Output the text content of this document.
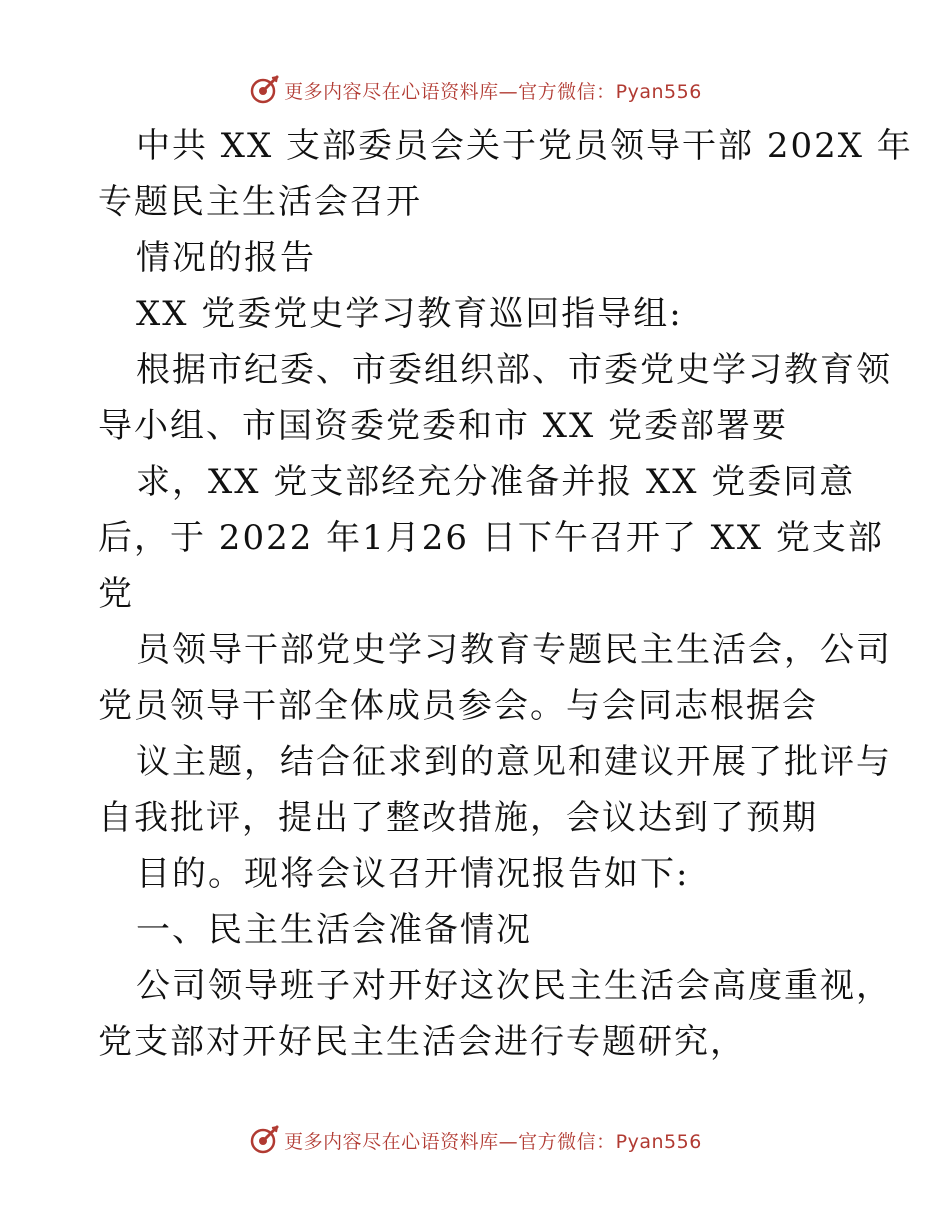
更多内容尽在心语资料库—官方微信：Pyan556
中共 XX 支部委员会关于党员领导干部 202X 年
专题民主生活会召开
情况的报告
XX 党委党史学习教育巡回指导组:
根据市纪委、市委组织部、市委党史学习教育领
导小组、市国资委党委和市 XX 党委部署要
求，XX 党支部经充分准备并报 XX 党委同意
后，于 2022 年1月26 日下午召开了 XX 党支部
党
员领导干部党史学习教育专题民主生活会，公司
党员领导干部全体成员参会。与会同志根据会
议主题，结合征求到的意见和建议开展了批评与
自我批评，提出了整改措施，会议达到了预期
目的。现将会议召开情况报告如下:
一、民主生活会准备情况
公司领导班子对开好这次民主生活会高度重视，
党支部对开好民主生活会进行专题研究，
更多内容尽在心语资料库—官方微信：Pyan556
